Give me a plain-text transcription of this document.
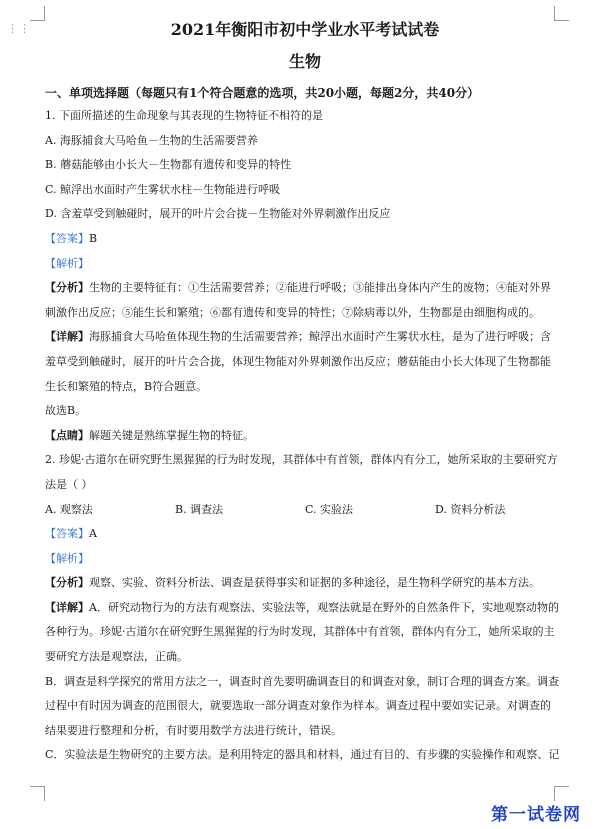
⋮⋮	2021年衡阳市初中学业水平考试试卷
生物
一、单项选择题（每题只有1个符合题意的选项，共20小题，每题2分，共40分）
1. 下面所描述的生命现象与其表现的生物特征不相符的是
A. 海豚捕食大马哈鱼－生物的生活需要营养
B. 蘑菇能够由小长大－生物都有遗传和变异的特性
C. 鲸浮出水面时产生雾状水柱－生物能进行呼吸
D. 含羞草受到触碰时，展开的叶片会合拢－生物能对外界刺激作出反应
【答案】B
【解析】
【分析】生物的主要特征有：①生活需要营养；②能进行呼吸；③能排出身体内产生的废物；④能对外界
刺激作出反应；⑤能生长和繁殖；⑥都有遗传和变异的特性；⑦除病毒以外，生物都是由细胞构成的。
【详解】海豚捕食大马哈鱼体现生物的生活需要营养；鲸浮出水面时产生雾状水柱，是为了进行呼吸；含
羞草受到触碰时，展开的叶片会合拢，体现生物能对外界刺激作出反应；蘑菇能由小长大体现了生物都能
生长和繁殖的特点，B符合题意。
故选B。
【点睛】解题关键是熟练掌握生物的特征。
2. 珍妮·古道尔在研究野生黑猩猩的行为时发现，其群体中有首领，群体内有分工，她所采取的主要研究方
法是（ ）
A. 观察法	B. 调查法	C. 实验法	D. 资料分析法
【答案】A
【解析】
【分析】观察、实验、资料分析法、调查是获得事实和证据的多种途径，是生物科学研究的基本方法。
【详解】A．研究动物行为的方法有观察法、实验法等，观察法就是在野外的自然条件下，实地观察动物的
各种行为。珍妮·古道尔在研究野生黑猩猩的行为时发现，其群体中有首领，群体内有分工，她所采取的主
要研究方法是观察法，正确。
B．调查是科学探究的常用方法之一，调查时首先要明确调查目的和调查对象，制订合理的调查方案。调查
过程中有时因为调查的范围很大，就要选取一部分调查对象作为样本。调查过程中要如实记录。对调查的
结果要进行整理和分析，有时要用数学方法进行统计，错误。
C．实验法是生物研究的主要方法。是利用特定的器具和材料，通过有目的、有步骤的实验操作和观察、记
第一试卷网
